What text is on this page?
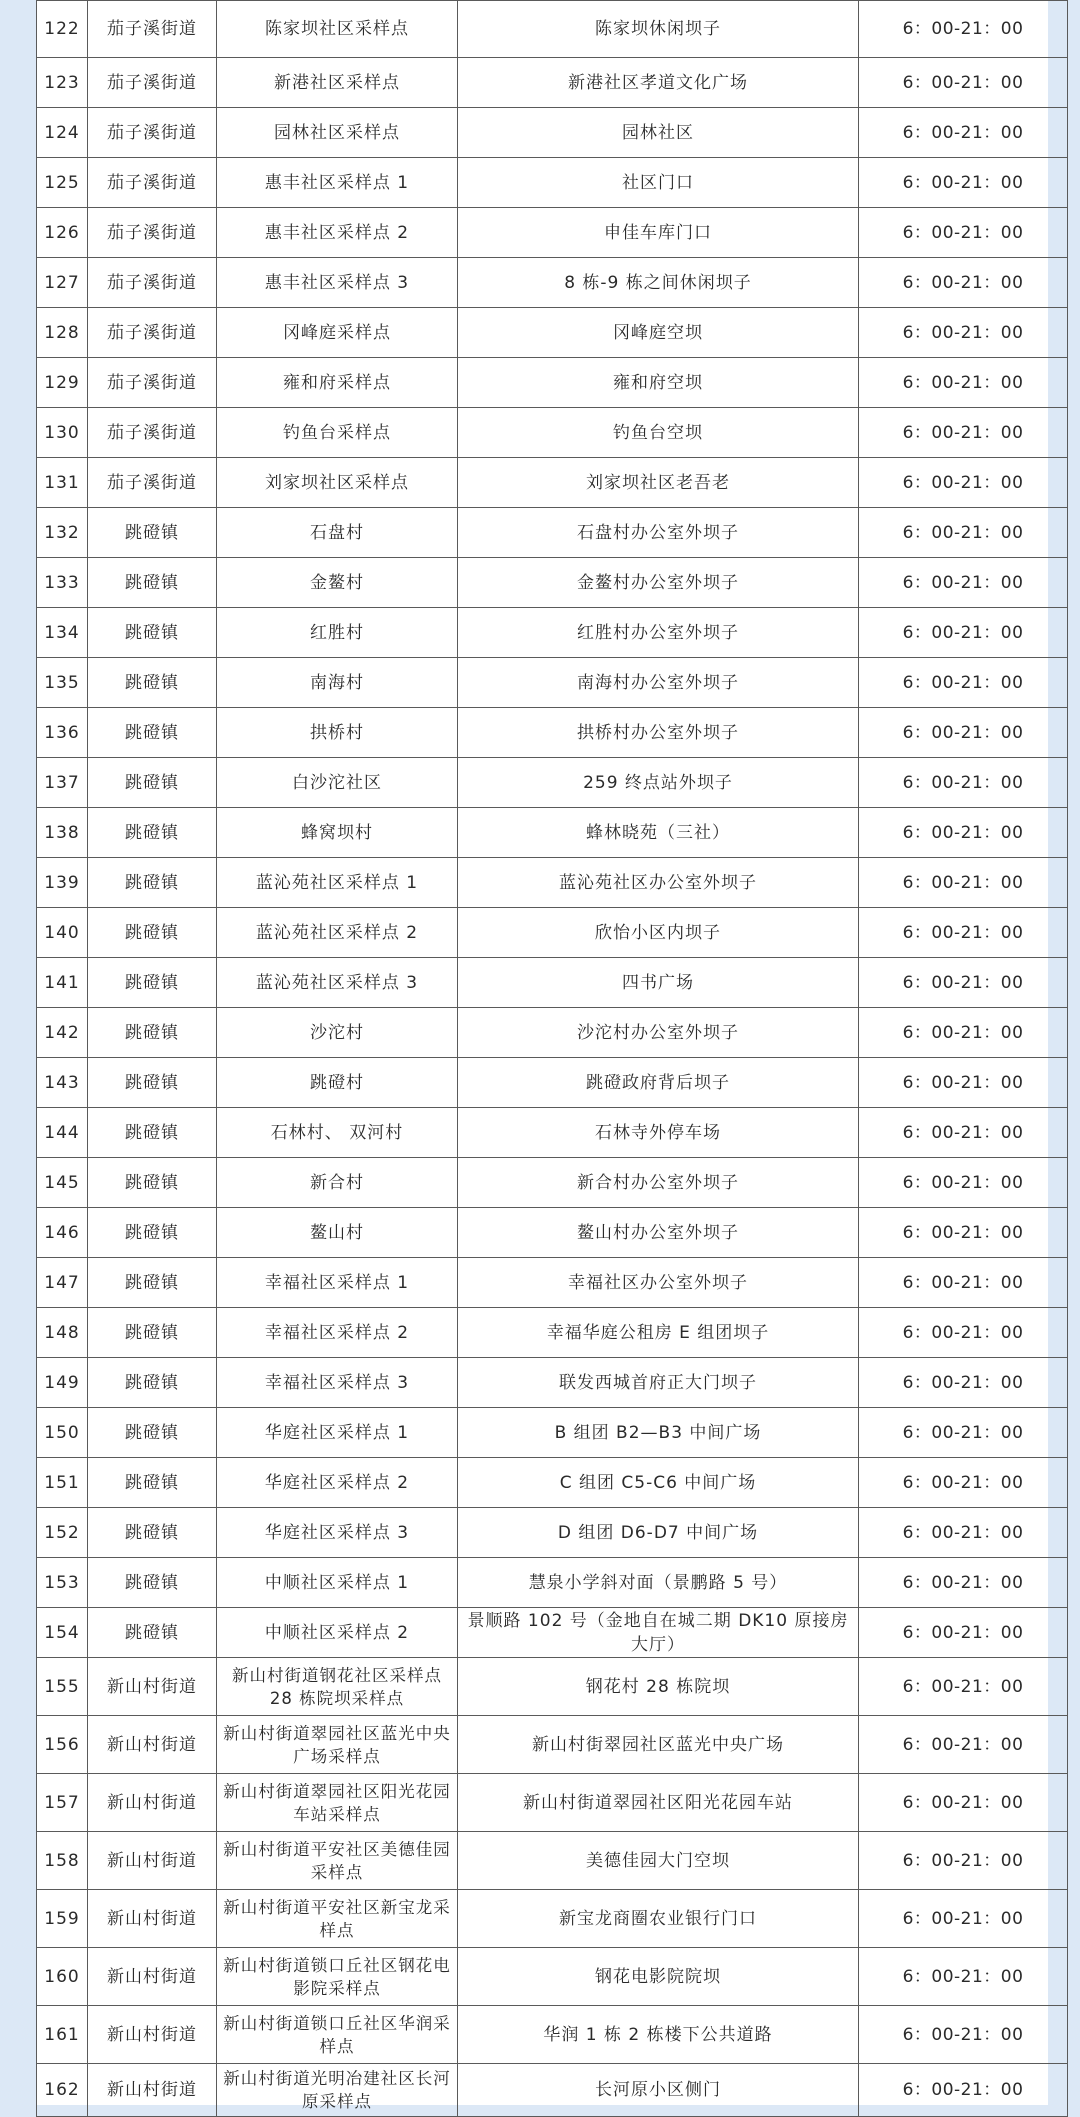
122	茄子溪街道	陈家坝社区采样点	陈家坝休闲坝子	6：00-21：00
123	茄子溪街道	新港社区采样点	新港社区孝道文化广场	6：00-21：00
124	茄子溪街道	园林社区采样点	园林社区	6：00-21：00
125	茄子溪街道	惠丰社区采样点 1	社区门口	6：00-21：00
126	茄子溪街道	惠丰社区采样点 2	申佳车库门口	6：00-21：00
127	茄子溪街道	惠丰社区采样点 3	8 栋-9 栋之间休闲坝子	6：00-21：00
128	茄子溪街道	冈峰庭采样点	冈峰庭空坝	6：00-21：00
129	茄子溪街道	雍和府采样点	雍和府空坝	6：00-21：00
130	茄子溪街道	钓鱼台采样点	钓鱼台空坝	6：00-21：00
131	茄子溪街道	刘家坝社区采样点	刘家坝社区老吾老	6：00-21：00
132	跳磴镇	石盘村	石盘村办公室外坝子	6：00-21：00
133	跳磴镇	金鳌村	金鳌村办公室外坝子	6：00-21：00
134	跳磴镇	红胜村	红胜村办公室外坝子	6：00-21：00
135	跳磴镇	南海村	南海村办公室外坝子	6：00-21：00
136	跳磴镇	拱桥村	拱桥村办公室外坝子	6：00-21：00
137	跳磴镇	白沙沱社区	259 终点站外坝子	6：00-21：00
138	跳磴镇	蜂窝坝村	蜂林晓苑（三社）	6：00-21：00
139	跳磴镇	蓝沁苑社区采样点 1	蓝沁苑社区办公室外坝子	6：00-21：00
140	跳磴镇	蓝沁苑社区采样点 2	欣怡小区内坝子	6：00-21：00
141	跳磴镇	蓝沁苑社区采样点 3	四书广场	6：00-21：00
142	跳磴镇	沙沱村	沙沱村办公室外坝子	6：00-21：00
143	跳磴镇	跳磴村	跳磴政府背后坝子	6：00-21：00
144	跳磴镇	石林村、 双河村	石林寺外停车场	6：00-21：00
145	跳磴镇	新合村	新合村办公室外坝子	6：00-21：00
146	跳磴镇	鳌山村	鳌山村办公室外坝子	6：00-21：00
147	跳磴镇	幸福社区采样点 1	幸福社区办公室外坝子	6：00-21：00
148	跳磴镇	幸福社区采样点 2	幸福华庭公租房 E 组团坝子	6：00-21：00
149	跳磴镇	幸福社区采样点 3	联发西城首府正大门坝子	6：00-21：00
150	跳磴镇	华庭社区采样点 1	B 组团 B2—B3 中间广场	6：00-21：00
151	跳磴镇	华庭社区采样点 2	C 组团 C5-C6 中间广场	6：00-21：00
152	跳磴镇	华庭社区采样点 3	D 组团 D6-D7 中间广场	6：00-21：00
153	跳磴镇	中顺社区采样点 1	慧泉小学斜对面（景鹏路 5 号）	6：00-21：00
154	跳磴镇	中顺社区采样点 2	景顺路 102 号（金地自在城二期 DK10 原接房大厅）	6：00-21：00
155	新山村街道	新山村街道钢花社区采样点 28 栋院坝采样点	钢花村 28 栋院坝	6：00-21：00
156	新山村街道	新山村街道翠园社区蓝光中央广场采样点	新山村街翠园社区蓝光中央广场	6：00-21：00
157	新山村街道	新山村街道翠园社区阳光花园车站采样点	新山村街道翠园社区阳光花园车站	6：00-21：00
158	新山村街道	新山村街道平安社区美德佳园采样点	美德佳园大门空坝	6：00-21：00
159	新山村街道	新山村街道平安社区新宝龙采样点	新宝龙商圈农业银行门口	6：00-21：00
160	新山村街道	新山村街道锁口丘社区钢花电影院采样点	钢花电影院院坝	6：00-21：00
161	新山村街道	新山村街道锁口丘社区华润采样点	华润 1 栋 2 栋楼下公共道路	6：00-21：00
162	新山村街道	新山村街道光明冶建社区长河原采样点	长河原小区侧门	6：00-21：00
